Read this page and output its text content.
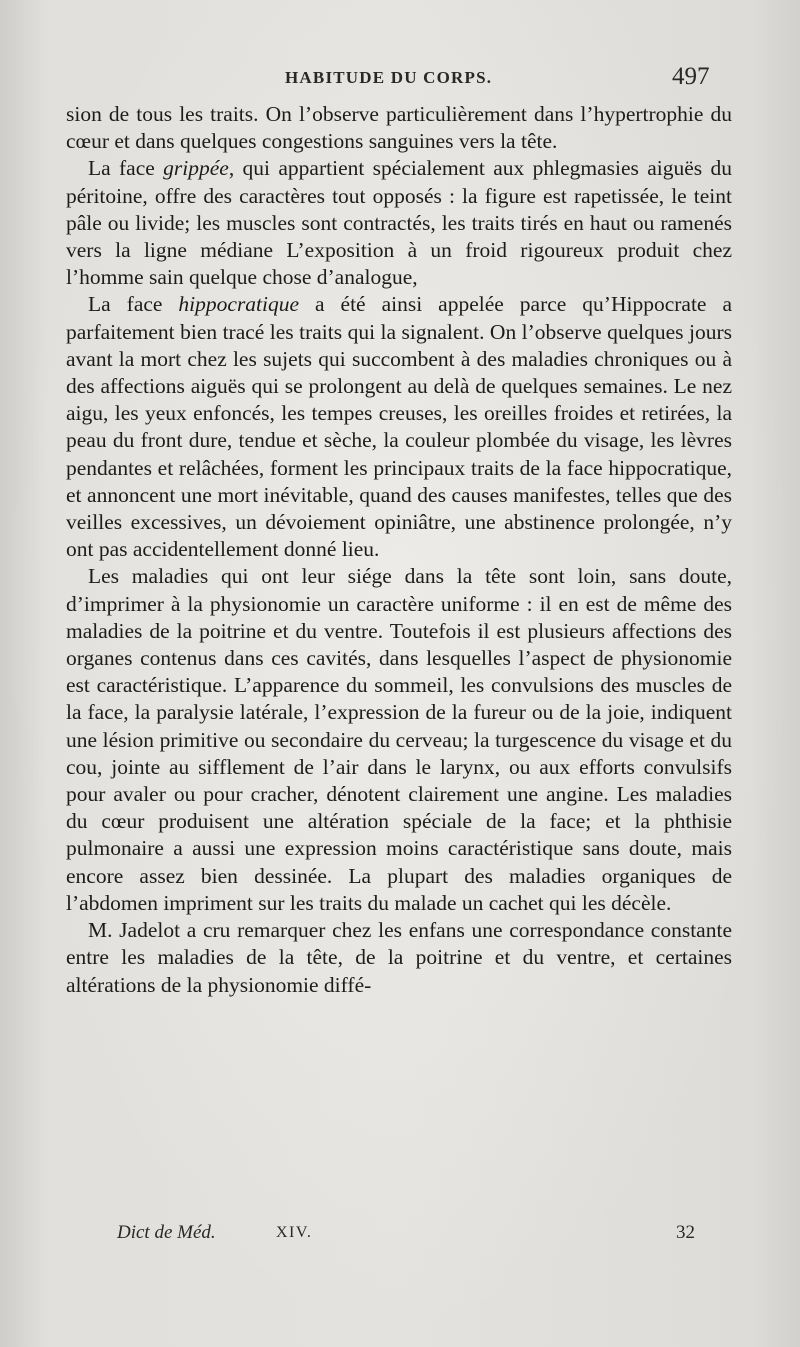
HABITUDE DU CORPS.	497

sion de tous les traits. On l’observe particulièrement dans l’hypertrophie du cœur et dans quelques congestions sanguines vers la tête.

La face grippée, qui appartient spécialement aux phlegmasies aiguës du péritoine, offre des caractères tout opposés : la figure est rapetissée, le teint pâle ou livide; les muscles sont contractés, les traits tirés en haut ou ramenés vers la ligne médiane L’exposition à un froid rigoureux produit chez l’homme sain quelque chose d’analogue,

La face hippocratique a été ainsi appelée parce qu’Hippocrate a parfaitement bien tracé les traits qui la signalent. On l’observe quelques jours avant la mort chez les sujets qui succombent à des maladies chroniques ou à des affections aiguës qui se prolongent au delà de quelques semaines. Le nez aigu, les yeux enfoncés, les tempes creuses, les oreilles froides et retirées, la peau du front dure, tendue et sèche, la couleur plombée du visage, les lèvres pendantes et relâchées, forment les principaux traits de la face hippocratique, et annoncent une mort inévitable, quand des causes manifestes, telles que des veilles excessives, un dévoiement opiniâtre, une abstinence prolongée, n’y ont pas accidentellement donné lieu.

Les maladies qui ont leur siége dans la tête sont loin, sans doute, d’imprimer à la physionomie un caractère uniforme : il en est de même des maladies de la poitrine et du ventre. Toutefois il est plusieurs affections des organes contenus dans ces cavités, dans lesquelles l’aspect de physionomie est caractéristique. L’apparence du sommeil, les convulsions des muscles de la face, la paralysie latérale, l’expression de la fureur ou de la joie, indiquent une lésion primitive ou secondaire du cerveau; la turgescence du visage et du cou, jointe au sifflement de l’air dans le larynx, ou aux efforts convulsifs pour avaler ou pour cracher, dénotent clairement une angine. Les maladies du cœur produisent une altération spéciale de la face; et la phthisie pulmonaire a aussi une expression moins caractéristique sans doute, mais encore assez bien dessinée. La plupart des maladies organiques de l’abdomen impriment sur les traits du malade un cachet qui les décèle.

M. Jadelot a cru remarquer chez les enfans une correspondance constante entre les maladies de la tête, de la poitrine et du ventre, et certaines altérations de la physionomie diffé-

Dict de Méd.	XIV.	32
